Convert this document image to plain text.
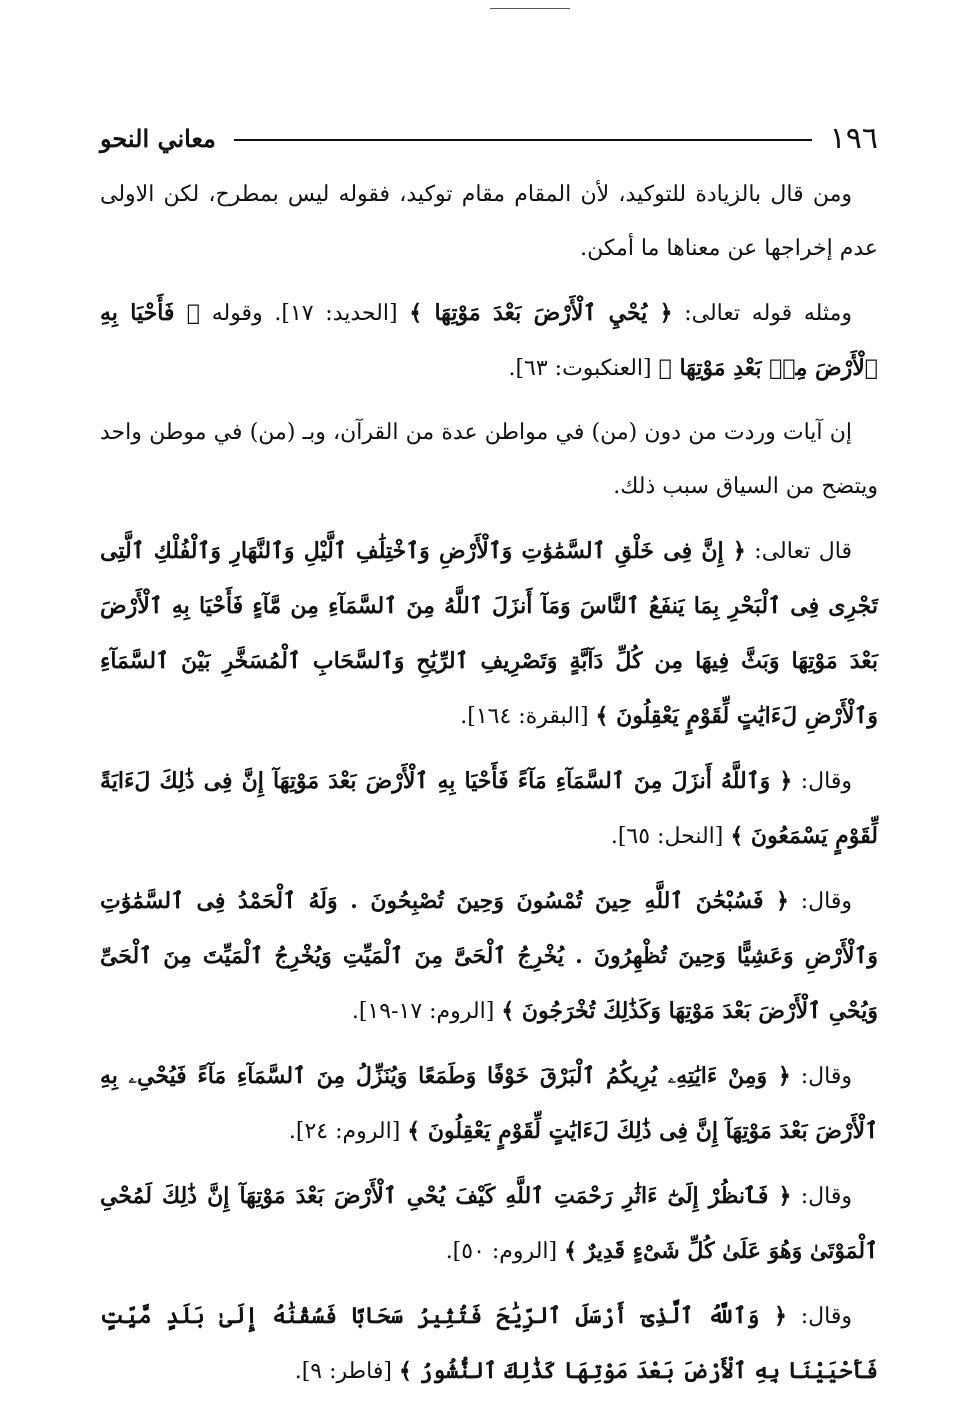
١٩٦
معاني النحو

ومن قال بالزيادة للتوكيد، لأن المقام مقام توكيد، فقوله ليس بمطرح، لكن الاولى عدم إخراجها عن معناها ما أمكن.

ومثله قوله تعالى: ﴿ يُحْيِ ٱلْأَرْضَ بَعْدَ مَوْتِهَا ﴾ [الحديد: ١٧]. وقوله ﴿ فَأَحْيَا بِهِ ٱلْأَرْضَ مِنۢ بَعْدِ مَوْتِهَا ﴾ [العنكبوت: ٦٣].

إن آيات وردت من دون (من) في مواطن عدة من القرآن، وبـ (من) في موطن واحد ويتضح من السياق سبب ذلك.

قال تعالى: ﴿ إِنَّ فِى خَلْقِ ٱلسَّمَٰوَٰتِ وَٱلْأَرْضِ وَٱخْتِلَٰفِ ٱلَّيْلِ وَٱلنَّهَارِ وَٱلْفُلْكِ ٱلَّتِى تَجْرِى فِى ٱلْبَحْرِ بِمَا يَنفَعُ ٱلنَّاسَ وَمَآ أَنزَلَ ٱللَّهُ مِنَ ٱلسَّمَآءِ مِن مَّآءٍ فَأَحْيَا بِهِ ٱلْأَرْضَ بَعْدَ مَوْتِهَا وَبَثَّ فِيهَا مِن كُلِّ دَآبَّةٍ وَتَصْرِيفِ ٱلرِّيَٰحِ وَٱلسَّحَابِ ٱلْمُسَخَّرِ بَيْنَ ٱلسَّمَآءِ وَٱلْأَرْضِ لَءَايَٰتٍ لِّقَوْمٍ يَعْقِلُونَ ﴾ [البقرة: ١٦٤].

وقال: ﴿ وَٱللَّهُ أَنزَلَ مِنَ ٱلسَّمَآءِ مَآءً فَأَحْيَا بِهِ ٱلْأَرْضَ بَعْدَ مَوْتِهَآ إِنَّ فِى ذَٰلِكَ لَءَايَةً لِّقَوْمٍ يَسْمَعُونَ ﴾ [النحل: ٦٥].

وقال: ﴿ فَسُبْحَٰنَ ٱللَّهِ حِينَ تُمْسُونَ وَحِينَ تُصْبِحُونَ . وَلَهُ ٱلْحَمْدُ فِى ٱلسَّمَٰوَٰتِ وَٱلْأَرْضِ وَعَشِيًّا وَحِينَ تُظْهِرُونَ . يُخْرِجُ ٱلْحَىَّ مِنَ ٱلْمَيِّتِ وَيُخْرِجُ ٱلْمَيِّتَ مِنَ ٱلْحَىِّ وَيُحْىِ ٱلْأَرْضَ بَعْدَ مَوْتِهَا وَكَذَٰلِكَ تُخْرَجُونَ ﴾ [الروم: ١٧-١٩].

وقال: ﴿ وَمِنْ ءَايَٰتِهِۦ يُرِيكُمُ ٱلْبَرْقَ خَوْفًا وَطَمَعًا وَيُنَزِّلُ مِنَ ٱلسَّمَآءِ مَآءً فَيُحْىِۦ بِهِ ٱلْأَرْضَ بَعْدَ مَوْتِهَآ إِنَّ فِى ذَٰلِكَ لَءَايَٰتٍ لِّقَوْمٍ يَعْقِلُونَ ﴾ [الروم: ٢٤].

وقال: ﴿ فَٱنظُرْ إِلَىٰٓ ءَاثَٰرِ رَحْمَتِ ٱللَّهِ كَيْفَ يُحْىِ ٱلْأَرْضَ بَعْدَ مَوْتِهَآ إِنَّ ذَٰلِكَ لَمُحْىِ ٱلْمَوْتَىٰ وَهُوَ عَلَىٰ كُلِّ شَىْءٍ قَدِيرٌ ﴾ [الروم: ٥٠].

وقال: ﴿ وَٱللَّهُ ٱلَّذِىٓ أَرْسَلَ ٱلرِّيَٰحَ فَتُثِيرُ سَحَابًا فَسُقْنَٰهُ إِلَىٰ بَلَدٍ مَّيِّتٍ فَأَحْيَيْنَا بِهِ ٱلْأَرْضَ بَعْدَ مَوْتِهَا كَذَٰلِكَ ٱلنُّشُورُ ﴾ [فاطر: ٩].
